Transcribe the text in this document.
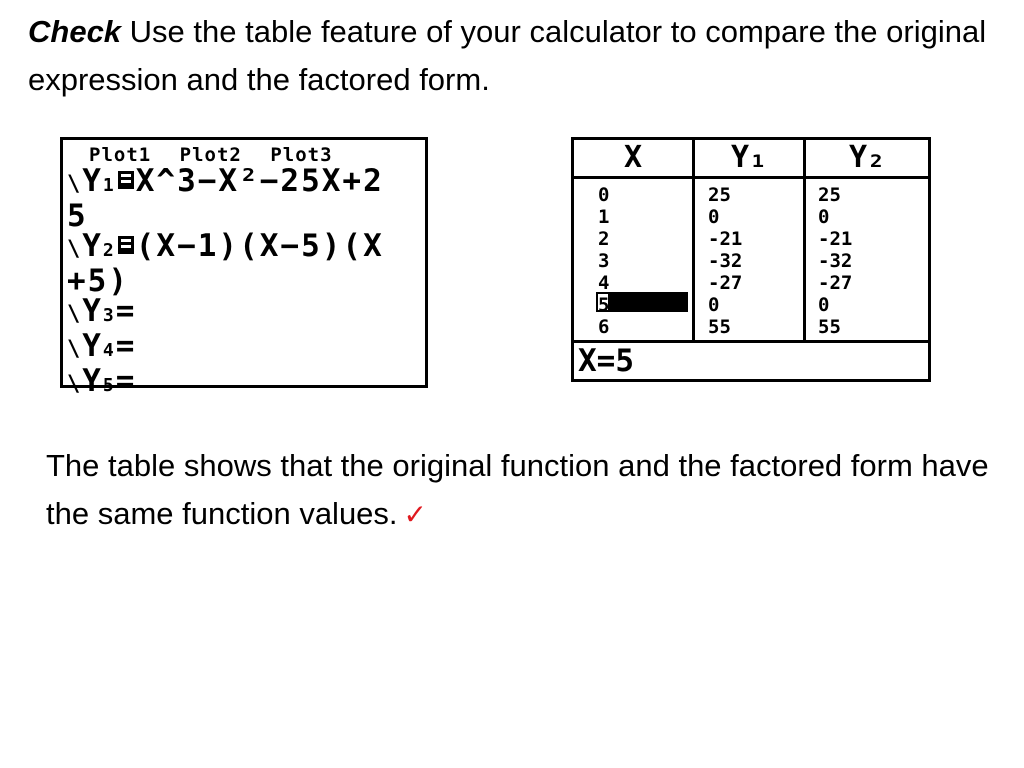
Check Use the table feature of your calculator to compare the original expression and the factored form.
Plot1 Plot2 Plot3
\Y1 X^3−X²−25X+2
5
\Y2 (X−1)(X−5)(X
+5)
\Y3=
\Y4=
\Y5=
X	Y₁	Y₂
0
1
2
3
4
5
6
25
0
-21
-32
-27
0
55
25
0
-21
-32
-27
0
55
X=5
The table shows that the original function and the factored form have the same function values. ✓
